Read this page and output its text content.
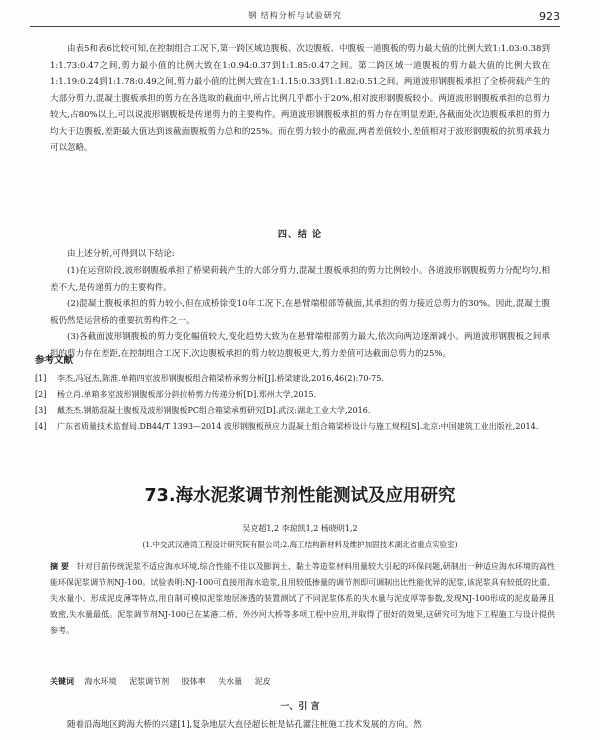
钢 结构分析与试验研究	923

由表5和表6比较可知,在控制组合工况下,第一跨区域边腹板、次边腹板、中腹板一道腹板的剪力最大值的比例大致1:1.03:0.38到1:1.73:0.47之间,剪力最小值的比例大致在1:0.94:0.37到1:1.85:0.47之间。第二跨区域一道腹板的剪力最大值的比例大致在1:1.19:0.24到1:1.78:0.49之间,剪力最小值的比例大致在1:1.15:0.33到1:1.82:0.51之间。两道波形钢腹板承担了全桥荷载产生的大部分剪力,混凝土腹板承担的剪力在各选取的截面中,所占比例几乎都小于20%,相对波形钢腹板较小。两道波形钢腹板承担的总剪力较大,占80%以上,可以说波形钢腹板是传递剪力的主要构件。两道波形钢腹板承担的剪力存在明显差距,各截面处次边腹板承担的剪力均大于边腹板,差距最大值达到该截面腹板剪力总和的25%。而在剪力较小的截面,两者差值较小,差值相对于波形钢腹板的抗剪承载力可以忽略。

四、结 论

由上述分析,可得到以下结论:

(1)在运营阶段,波形钢腹板承担了桥梁荷载产生的大部分剪力,混凝土腹板承担的剪力比例较小。各道波形钢腹板剪力分配均匀,相差不大,是传递剪力的主要构件。

(2)混凝土腹板承担的剪力较小,但在成桥徐变10年工况下,在悬臂端根部等截面,其承担的剪力接近总剪力的30%。因此,混凝土腹板仍然是运营桥的重要抗剪构件之一。

(3)各截面波形钢腹板的剪力变化幅值较大,变化趋势大致为在悬臂端根部剪力最大,依次向两边逐渐减小。两道波形钢腹板之间承担的剪力存在差距,在控制组合工况下,次边腹板承担的剪力较边腹板更大,剪力差值可达截面总剪力的25%。

参考文献

[1]	李杰,冯冠杰,陈淮.单箱四室波形钢腹板组合箱梁桥承剪分析[J].桥梁建设,2016,46(2):70-75.
[2]	杨立肖.单箱多室波形钢腹板部分斜拉桥剪力传递分析[D].郑州大学,2015.
[3]	戴杰杰.钢筋混凝土腹板及波形钢腹板PC组合箱梁承剪研究[D].武汉:湖北工业大学,2016.
[4]	广东省质量技术监督局.DB44/T 1393—2014 波形钢腹板预应力混凝土组合箱梁桥设计与施工规程[S].北京:中国建筑工业出版社,2014.

73.海水泥浆调节剂性能测试及应用研究

吴克超1,2 李琼凯1,2 杨晓明1,2

(1.中交武汉港湾工程设计研究院有限公司;2.海工结构新材料及维护加固技术湖北省重点实验室)

摘 要 针对目前传统泥浆不适应海水环境,综合性能不佳以及膨润土、黏土等造浆材料用量较大引起的环保问题,研制出一种适应海水环境的高性能环保泥浆调节剂NJ-100。试验表明:NJ-100可直接用海水造浆,且用较低掺量的调节剂即可调制出比性能优异的泥浆,该泥浆具有较低的比重、失水量小、形成泥皮薄等特点,用自制可模拟泥浆地层渗透的装置测试了不同泥浆体系的失水量与泥皮厚等参数,发现NJ-100形成的泥皮最薄且致密,失水量最低。泥浆调节剂NJ-100已在某港二桥、外沙河大桥等多项工程中应用,并取得了很好的效果,这研究可为地下工程施工与设计提供参考。

关键词 海水环境 泥浆调节剂 胶体率 失水量 泥皮

一、引 言

随着沿海地区跨海大桥的兴建[1],复杂地层大直径超长桩是钻孔灌注桩施工技术发展的方向。然
